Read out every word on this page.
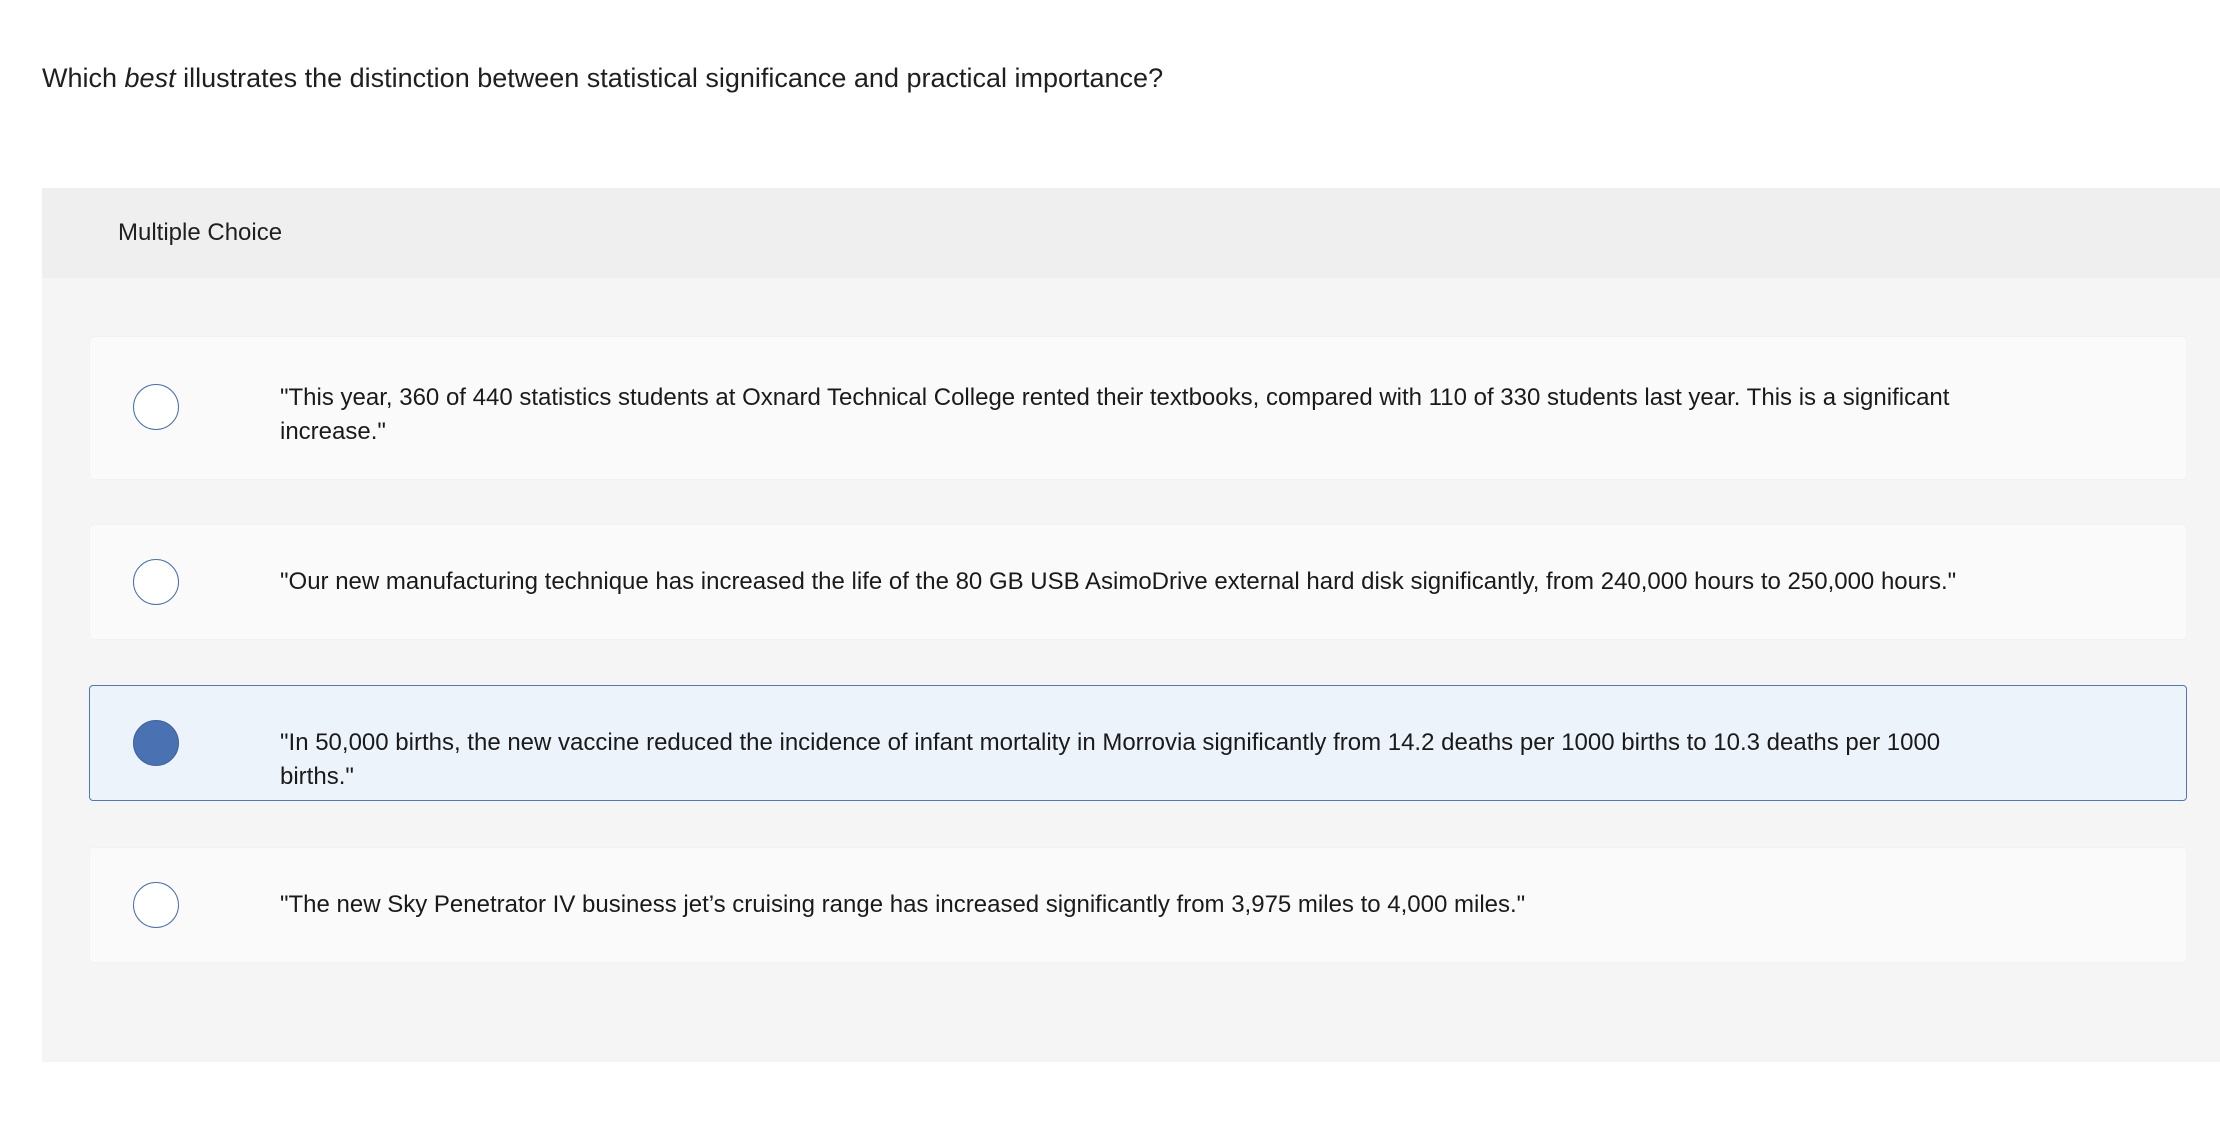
Which best illustrates the distinction between statistical significance and practical importance?
Multiple Choice
"This year, 360 of 440 statistics students at Oxnard Technical College rented their textbooks, compared with 110 of 330 students last year. This is a significant increase."
"Our new manufacturing technique has increased the life of the 80 GB USB AsimoDrive external hard disk significantly, from 240,000 hours to 250,000 hours."
"In 50,000 births, the new vaccine reduced the incidence of infant mortality in Morrovia significantly from 14.2 deaths per 1000 births to 10.3 deaths per 1000 births."
"The new Sky Penetrator IV business jet’s cruising range has increased significantly from 3,975 miles to 4,000 miles."
